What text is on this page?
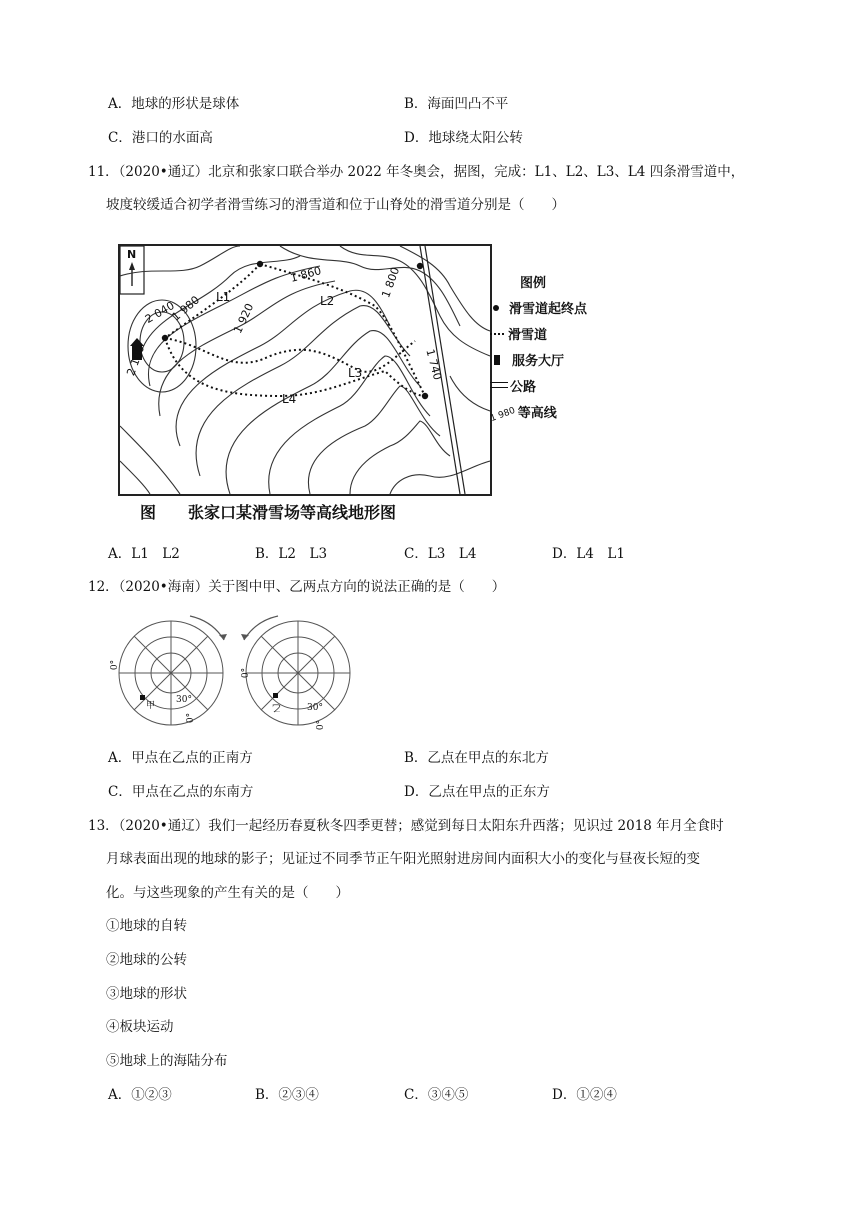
A．地球的形状是球体	B．海面凹凸不平
C．港口的水面高	D．地球绕太阳公转
11．（2020•通辽）北京和张家口联合举办 2022 年冬奥会，据图，完成：L1、L2、L3、L4 四条滑雪道中，
坡度较缓适合初学者滑雪练习的滑雪道和位于山脊处的滑雪道分别是（　　）
1 980	1 920
2 040
2 100
1 860	1 800
1 740
L1	L2
L3
L4
N
图例
滑雪道起终点
滑雪道
服务大厅
公路
1 980等高线
图　　张家口某滑雪场等高线地形图
A．L1　L2	B．L2　L3	C．L3　L4	D．L4　L1
12．（2020•海南）关于图中甲、乙两点方向的说法正确的是（　　）
0°
30°
0°
甲
0°
30°
0°
乙
A．甲点在乙点的正南方	B．乙点在甲点的东北方
C．甲点在乙点的东南方	D．乙点在甲点的正东方
13．（2020•通辽）我们一起经历春夏秋冬四季更替；感觉到每日太阳东升西落；见识过 2018 年月全食时
月球表面出现的地球的影子；见证过不同季节正午阳光照射进房间内面积大小的变化与昼夜长短的变
化。与这些现象的产生有关的是（　　）
①地球的自转
②地球的公转
③地球的形状
④板块运动
⑤地球上的海陆分布
A．①②③	B．②③④	C．③④⑤	D．①②④
